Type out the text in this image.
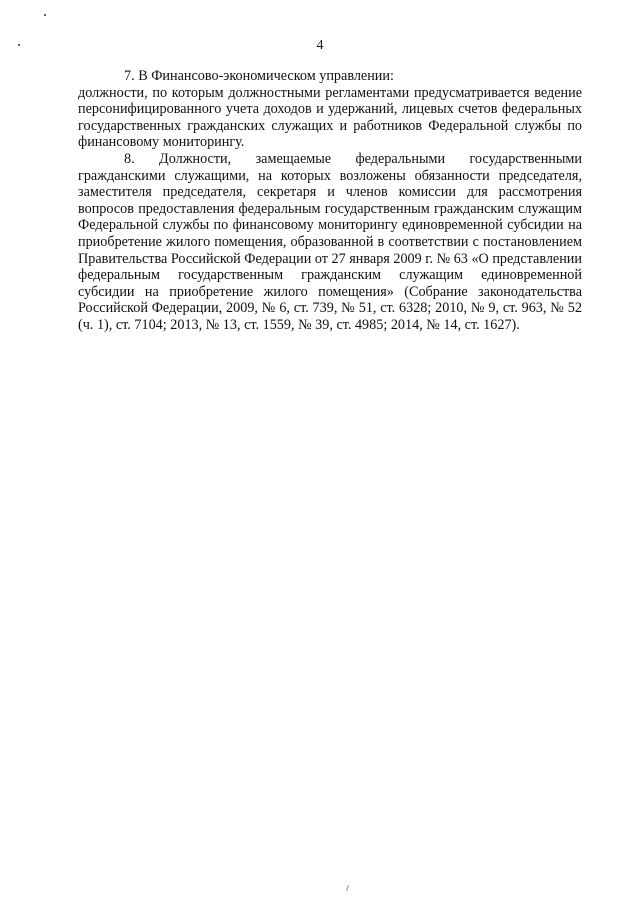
4

7. В Финансово-экономическом управлении:

должности, по которым должностными регламентами предусматривается ведение персонифицированного учета доходов и удержаний, лицевых счетов федеральных государственных гражданских служащих и работников Федеральной службы по финансовому мониторингу.

8. Должности, замещаемые федеральными государственными гражданскими служащими, на которых возложены обязанности председателя, заместителя председателя, секретаря и членов комиссии для рассмотрения вопросов предоставления федеральным государственным гражданским служащим Федеральной службы по финансовому мониторингу единовременной субсидии на приобретение жилого помещения, образованной в соответствии с постановлением Правительства Российской Федерации от 27 января 2009 г. № 63 «О представлении федеральным государственным гражданским служащим единовременной субсидии на приобретение жилого помещения» (Собрание законодательства Российской Федерации, 2009, № 6, ст. 739, № 51, ст. 6328; 2010, № 9, ст. 963, № 52 (ч. 1), ст. 7104; 2013, № 13, ст. 1559, № 39, ст. 4985; 2014, № 14, ст. 1627).
